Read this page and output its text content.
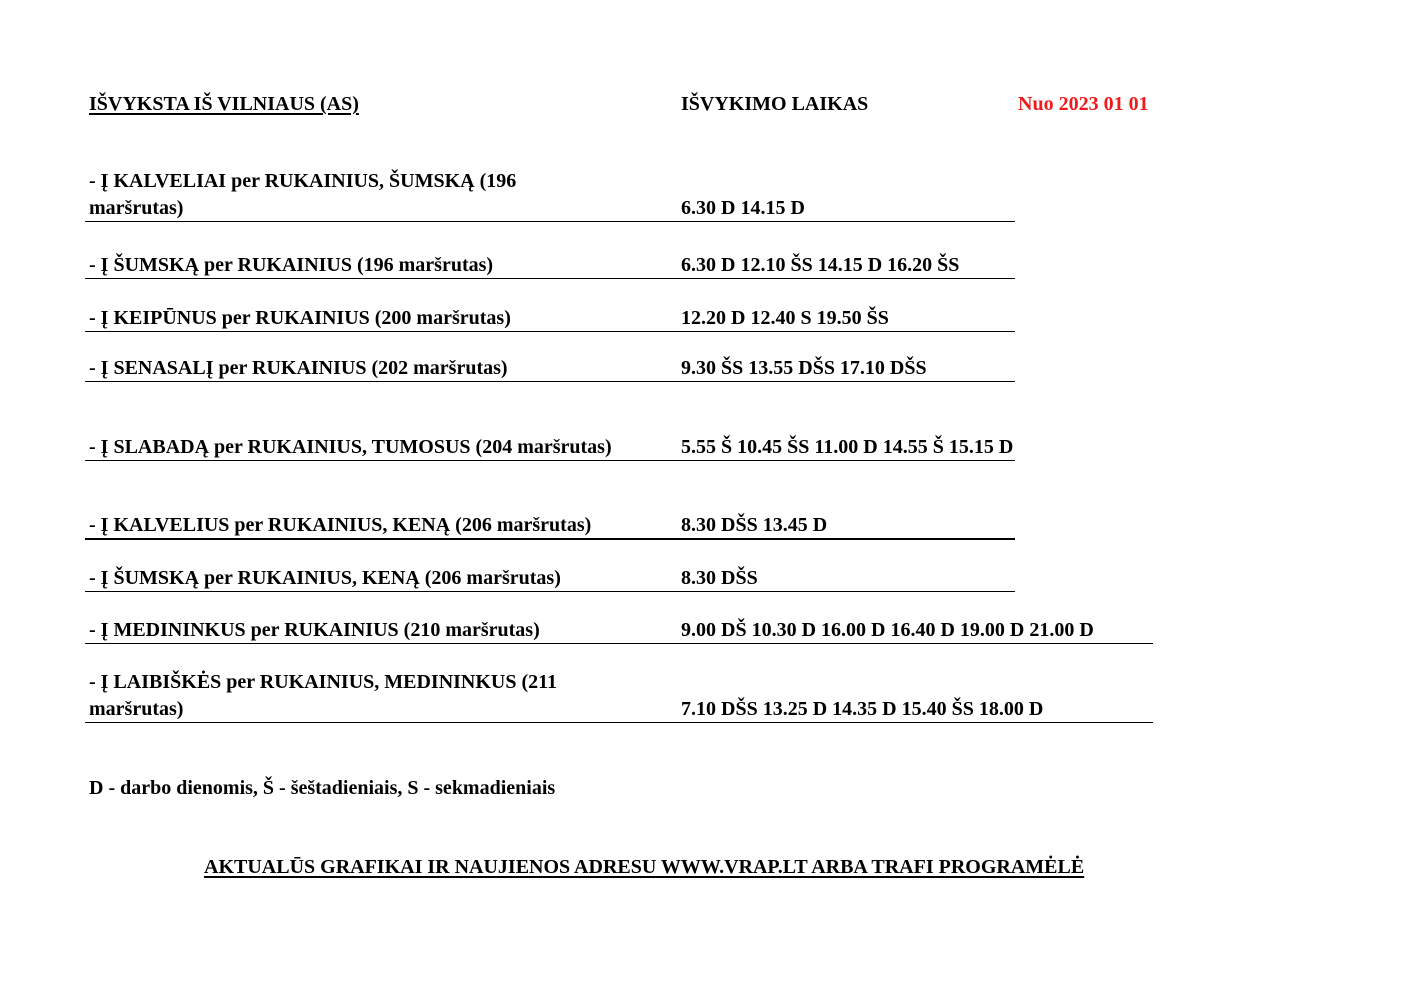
IŠVYKSTA IŠ VILNIAUS (AS)	IŠVYKIMO LAIKAS	Nuo 2023 01 01
- Į KALVELIAI per RUKAINIUS, ŠUMSKĄ (196
maršrutas)	6.30 D 14.15 D
- Į ŠUMSKĄ per RUKAINIUS (196 maršrutas)	6.30 D 12.10 ŠS 14.15 D 16.20 ŠS
- Į KEIPŪNUS per RUKAINIUS (200 maršrutas)	12.20 D 12.40 S 19.50 ŠS
- Į SENASALĮ per RUKAINIUS (202 maršrutas)	9.30 ŠS 13.55 DŠS 17.10 DŠS
- Į SLABADĄ per RUKAINIUS, TUMOSUS (204 maršrutas)	5.55 Š 10.45 ŠS 11.00 D 14.55 Š 15.15 D
- Į KALVELIUS per RUKAINIUS, KENĄ (206 maršrutas)	8.30 DŠS 13.45 D
- Į ŠUMSKĄ per RUKAINIUS, KENĄ (206 maršrutas)	8.30 DŠS
- Į MEDININKUS per RUKAINIUS (210 maršrutas)	9.00 DŠ 10.30 D 16.00 D 16.40 D 19.00 D 21.00 D
- Į LAIBIŠKĖS per RUKAINIUS, MEDININKUS (211
maršrutas)	7.10 DŠS 13.25 D 14.35 D 15.40 ŠS 18.00 D
D - darbo dienomis, Š - šeštadieniais, S - sekmadieniais
AKTUALŪS GRAFIKAI IR NAUJIENOS ADRESU WWW.VRAP.LT ARBA TRAFI PROGRAMĖLĖ
